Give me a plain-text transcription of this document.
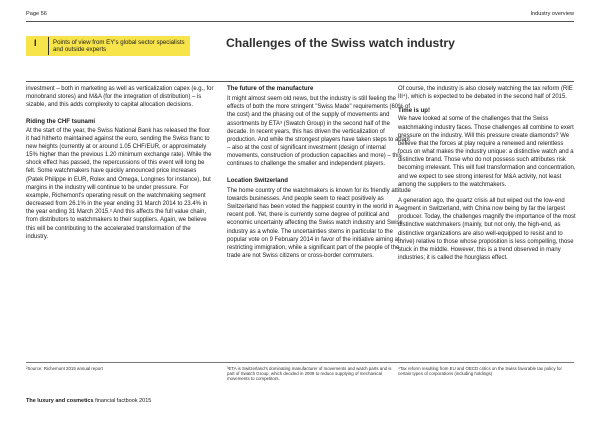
Page 56	Industry overview
I	Points of view from EY's global sector specialists and outside experts	Challenges of the Swiss watch industry

investment – both in marketing as well as verticalization capex (e.g., for monobrand stores) and M&A (for the integration of distribution) – is sizable, and this adds complexity to capital allocation decisions.

Riding the CHF tsunami

At the start of the year, the Swiss National Bank has released the floor it had hitherto maintained against the euro, sending the Swiss franc to new heights (currently at or around 1.05 CHF/EUR, or approximately 15% higher than the previous 1.20 minimum exchange rate). While the shock effect has passed, the repercussions of this event will long be felt. Some watchmakers have quickly announced price increases (Patek Philippe in EUR, Rolex and Omega, Longines for instance), but margins in the industry will continue to be under pressure. For example, Richemont's operating result on the watchmaking segment decreased from 26.1% in the year ending 31 March 2014 to 23.4% in the year ending 31 March 2015.² And this affects the full value chain, from distributors to watchmakers to their suppliers. Again, we believe this will be contributing to the accelerated transformation of the industry.

The future of the manufacture

It might almost seem old news, but the industry is still feeling the effects of both the more stringent "Swiss Made" requirements (60% of the cost) and the phasing out of the supply of movements and assortments by ETA³ (Swatch Group) in the second half of the decade. In recent years, this has driven the verticalization of production. And while the strongest players have taken steps to adapt – also at the cost of significant investment (design of internal movements, construction of production capacities and more) – this continues to challenge the smaller and independent players.

Location Switzerland

The home country of the watchmakers is known for its friendly attitude towards businesses. And people seem to react positively as Switzerland has been voted the happiest country in the world in a recent poll. Yet, there is currently some degree of political and economic uncertainty affecting the Swiss watch industry and Swiss industry as a whole. The uncertainties stems in particular to the popular vote on 9 February 2014 in favor of the initiative aiming at restricting immigration, while a significant part of the people of the trade are not Swiss citizens or cross-border commuters.

Of course, the industry is also closely watching the tax reform (RIE III⁴), which is expected to be debated in the second half of 2015.

Time is up!

We have looked at some of the challenges that the Swiss watchmaking industry faces. Those challenges all combine to exert pressure on the industry. Will this pressure create diamonds? We believe that the forces at play require a renewed and relentless focus on what makes the industry unique: a distinctive watch and a distinctive brand. Those who do not possess such attributes risk becoming irrelevant. This will fuel transformation and concentration, and we expect to see strong interest for M&A activity, not least among the suppliers to the watchmakers.

A generation ago, the quartz crisis all but wiped out the low-end segment in Switzerland, with China now being by far the largest producer. Today, the challenges magnify the importance of the most distinctive watchmakers (mainly, but not only, the high-end, as distinctive organizations are also well-equipped to resist and to thrive) relative to those whose proposition is less compelling, those stuck in the middle. However, this is a trend observed in many industries; it is called the hourglass effect.

²Source: Richemont 2015 annual report	³ETA is Switzerland's dominating manufacturer of movements and watch parts and is part of Swatch Group, which decided in 2009 to reduce supplying of mechanical movements to competitors.
⁴Tax reform resulting from EU and OECD critics on the Swiss favorable tax policy for certain types of corporations (including holdings)
The luxury and cosmetics financial factbook 2015
